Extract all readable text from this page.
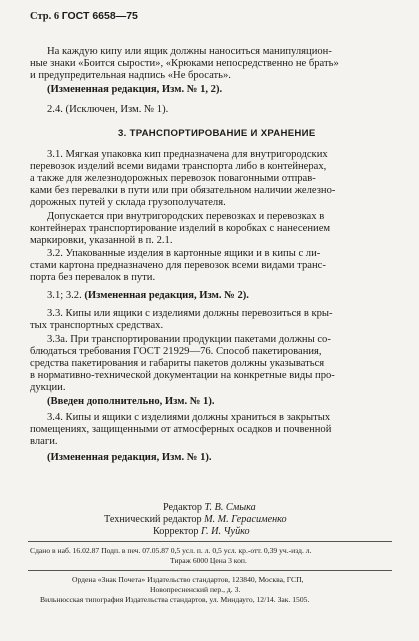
Стр. 6 ГОСТ 6658—75
На каждую кипу или ящик должны наноситься манипуляцион-
ные знаки «Боится сырости», «Крюками непосредственно не брать»
и предупредительная надпись «Не бросать».
(Измененная редакция, Изм. № 1, 2).
2.4. (Исключен, Изм. № 1).
3. ТРАНСПОРТИРОВАНИЕ И ХРАНЕНИЕ
3.1. Мягкая упаковка кип предназначена для внутригородских
перевозок изделий всеми видами транспорта либо в контейнерах,
а также для железнодорожных перевозок повагонными отправ-
ками без перевалки в пути или при обязательном наличии железно-
дорожных путей у склада грузополучателя.
Допускается при внутригородских перевозках и перевозках в
контейнерах транспортирование изделий в коробках с нанесением
маркировки, указанной в п. 2.1.
3.2. Упакованные изделия в картонные ящики и в кипы с ли-
стами картона предназначено для перевозок всеми видами транс-
порта без перевалок в пути.
3.1; 3.2. (Измененная редакция, Изм. № 2).
3.3. Кипы или ящики с изделиями должны перевозиться в кры-
тых транспортных средствах.
3.3а. При транспортировании продукции пакетами должны со-
блюдаться требования ГОСТ 21929—76. Способ пакетирования,
средства пакетирования и габариты пакетов должны указываться
в нормативно-технической документации на конкретные виды про-
дукции.
(Введен дополнительно, Изм. № 1).
3.4. Кипы и ящики с изделиями должны храниться в закрытых
помещениях, защищенными от атмосферных осадков и почвенной
влаги.
(Измененная редакция, Изм. № 1).
Редактор Т. В. Смыка
Технический редактор М. М. Герасименко
Корректор Г. И. Чуйко
Сдано в наб. 16.02.87 Подп. в печ. 07.05.87 0,5 усл. п. л. 0,5 усл. кр.-отт. 0,39 уч.-изд. л.
Тираж 6000 Цена 3 коп.
Ордена «Знак Почета» Издательство стандартов, 123840, Москва, ГСП,
Новопресненский пер., д. 3.
Вильнюсская типография Издательства стандартов, ул. Миндауго, 12/14. Зак. 1505.
